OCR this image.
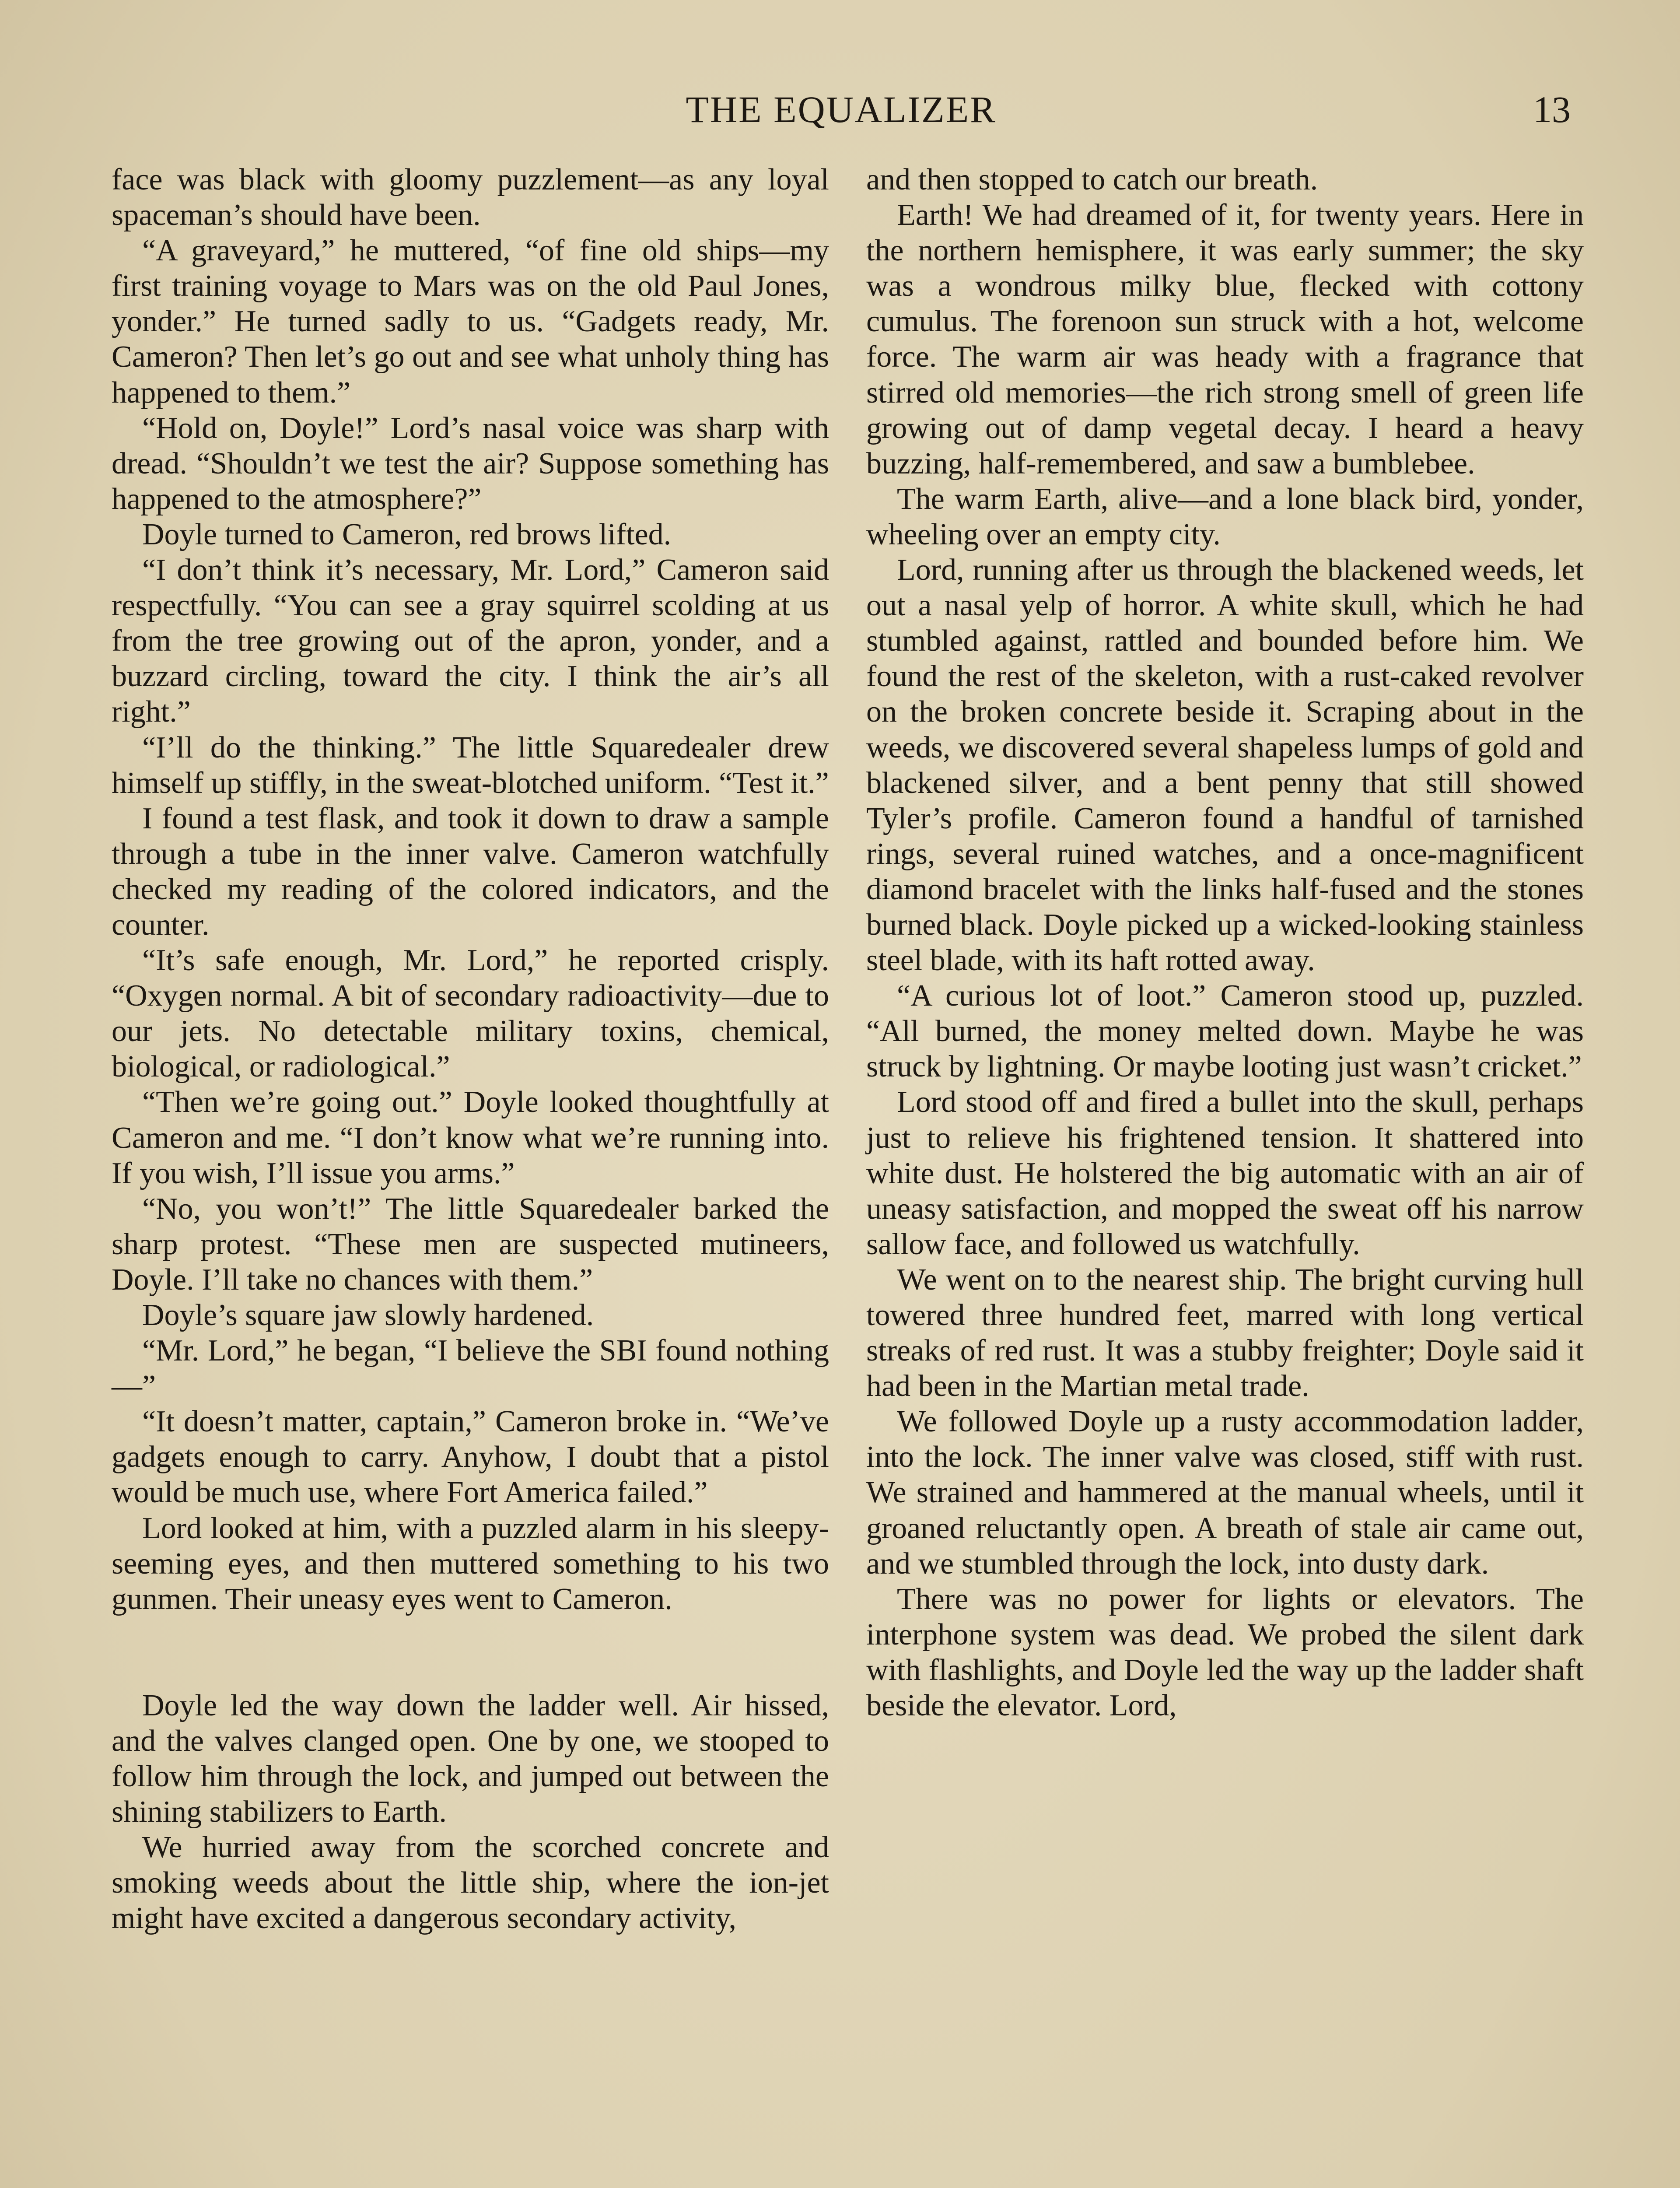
THE EQUALIZER	13

face was black with gloomy puzzlement—as any loyal spaceman’s should have been.

“A graveyard,” he muttered, “of fine old ships—my first training voyage to Mars was on the old Paul Jones, yonder.” He turned sadly to us. “Gadgets ready, Mr. Cameron? Then let’s go out and see what unholy thing has happened to them.”

“Hold on, Doyle!” Lord’s nasal voice was sharp with dread. “Shouldn’t we test the air? Suppose something has happened to the atmosphere?”

Doyle turned to Cameron, red brows lifted.

“I don’t think it’s necessary, Mr. Lord,” Cameron said respectfully. “You can see a gray squirrel scolding at us from the tree growing out of the apron, yonder, and a buzzard circling, toward the city. I think the air’s all right.”

“I’ll do the thinking.” The little Squaredealer drew himself up stiffly, in the sweat-blotched uniform. “Test it.”

I found a test flask, and took it down to draw a sample through a tube in the inner valve. Cameron watchfully checked my reading of the colored indicators, and the counter.

“It’s safe enough, Mr. Lord,” he reported crisply. “Oxygen normal. A bit of secondary radioactivity—due to our jets. No detectable military toxins, chemical, biological, or radiological.”

“Then we’re going out.” Doyle looked thoughtfully at Cameron and me. “I don’t know what we’re running into. If you wish, I’ll issue you arms.”

“No, you won’t!” The little Squaredealer barked the sharp protest. “These men are suspected mutineers, Doyle. I’ll take no chances with them.”

Doyle’s square jaw slowly hardened.

“Mr. Lord,” he began, “I believe the SBI found nothing—”

“It doesn’t matter, captain,” Cameron broke in. “We’ve gadgets enough to carry. Anyhow, I doubt that a pistol would be much use, where Fort America failed.”

Lord looked at him, with a puzzled alarm in his sleepy-seeming eyes, and then muttered something to his two gunmen. Their uneasy eyes went to Cameron.

Doyle led the way down the ladder well. Air hissed, and the valves clanged open. One by one, we stooped to follow him through the lock, and jumped out between the shining stabilizers to Earth.

We hurried away from the scorched concrete and smoking weeds about the little ship, where the ion-jet might have excited a dangerous secondary activity,

and then stopped to catch our breath.

Earth! We had dreamed of it, for twenty years. Here in the northern hemisphere, it was early summer; the sky was a wondrous milky blue, flecked with cottony cumulus. The forenoon sun struck with a hot, welcome force. The warm air was heady with a fragrance that stirred old memories—the rich strong smell of green life growing out of damp vegetal decay. I heard a heavy buzzing, half-remembered, and saw a bumblebee.

The warm Earth, alive—and a lone black bird, yonder, wheeling over an empty city.

Lord, running after us through the blackened weeds, let out a nasal yelp of horror. A white skull, which he had stumbled against, rattled and bounded before him. We found the rest of the skeleton, with a rust-caked revolver on the broken concrete beside it. Scraping about in the weeds, we discovered several shapeless lumps of gold and blackened silver, and a bent penny that still showed Tyler’s profile. Cameron found a handful of tarnished rings, several ruined watches, and a once-magnificent diamond bracelet with the links half-fused and the stones burned black. Doyle picked up a wicked-looking stainless steel blade, with its haft rotted away.

“A curious lot of loot.” Cameron stood up, puzzled. “All burned, the money melted down. Maybe he was struck by lightning. Or maybe looting just wasn’t cricket.”

Lord stood off and fired a bullet into the skull, perhaps just to relieve his frightened tension. It shattered into white dust. He holstered the big automatic with an air of uneasy satisfaction, and mopped the sweat off his narrow sallow face, and followed us watchfully.

We went on to the nearest ship. The bright curving hull towered three hundred feet, marred with long vertical streaks of red rust. It was a stubby freighter; Doyle said it had been in the Martian metal trade.

We followed Doyle up a rusty accommodation ladder, into the lock. The inner valve was closed, stiff with rust. We strained and hammered at the manual wheels, until it groaned reluctantly open. A breath of stale air came out, and we stumbled through the lock, into dusty dark.

There was no power for lights or elevators. The interphone system was dead. We probed the silent dark with flashlights, and Doyle led the way up the ladder shaft beside the elevator. Lord,
